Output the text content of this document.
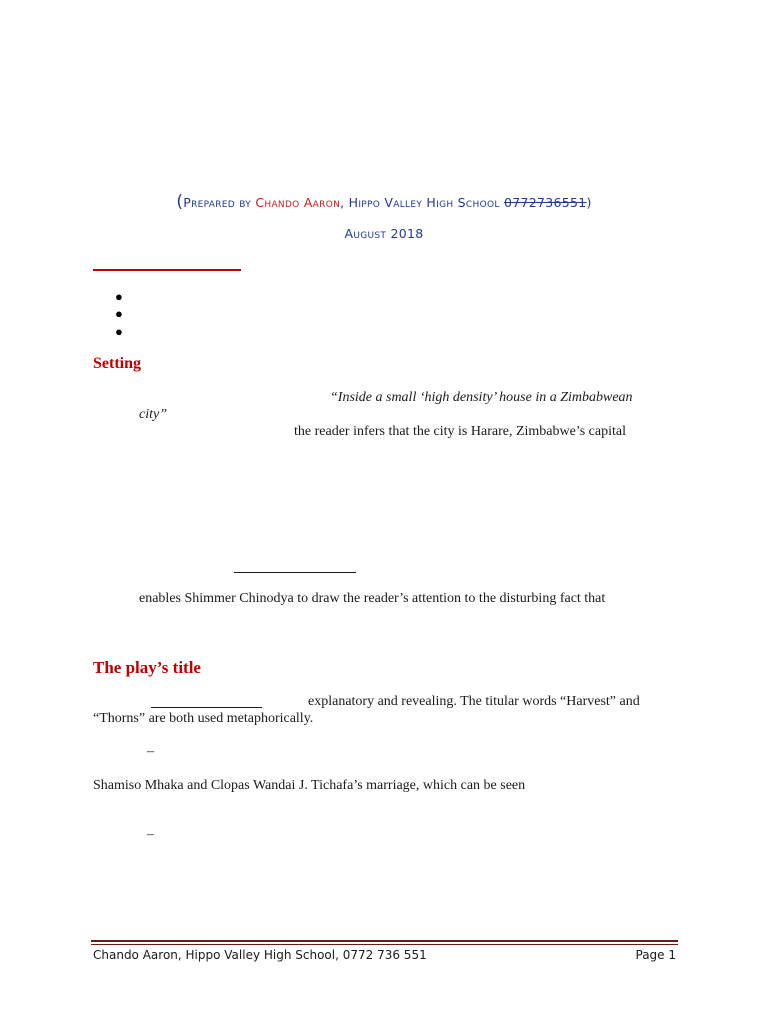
(Prepared by Chando Aaron, Hippo Valley High School 0772736551)
August 2018
●
●
●
Setting
“Inside a small ‘high density’ house in a Zimbabwean
city”
the reader infers that the city is Harare, Zimbabwe’s capital
enables Shimmer Chinodya to draw the reader’s attention to the disturbing fact that
The play’s title
explanatory and revealing. The titular words “Harvest” and
“Thorns” are both used metaphorically.
–
Shamiso Mhaka and Clopas Wandai J. Tichafa’s marriage, which can be seen
–
Chando Aaron, Hippo Valley High School, 0772 736 551	Page 1
